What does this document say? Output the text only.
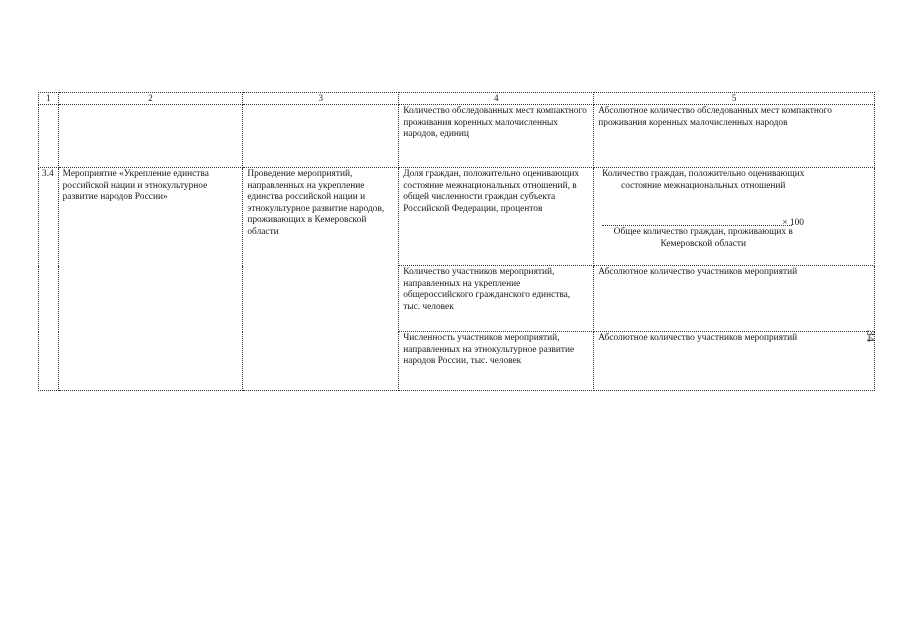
1	2	3	4	5
			Количество обследованных мест компактного проживания коренных малочисленных народов, единиц	Абсолютное количество обследованных мест компактного проживания коренных малочисленных народов
3.4	Мероприятие «Укрепление единства российской нации и этнокультурное развитие народов России»	Проведение мероприятий, направленных на укрепление единства российской нации и этнокультурное развитие народов, проживающих в Кемеровской области	Доля граждан, положительно оценивающих состояние межнациональных отношений, в общей численности граждан субъекта Российской Федерации, процентов	Количество граждан, положительно оценивающих состояние межнациональных отношений
× 100
Общее количество граждан, проживающих в Кемеровской области

			Количество участников мероприятий, направленных на укрепление общероссийского гражданского единства, тыс. человек	Абсолютное количество участников мероприятий
			Численность участников мероприятий, направленных на этнокультурное развитие народов России, тыс. человек	Абсолютное количество участников мероприятий	34
